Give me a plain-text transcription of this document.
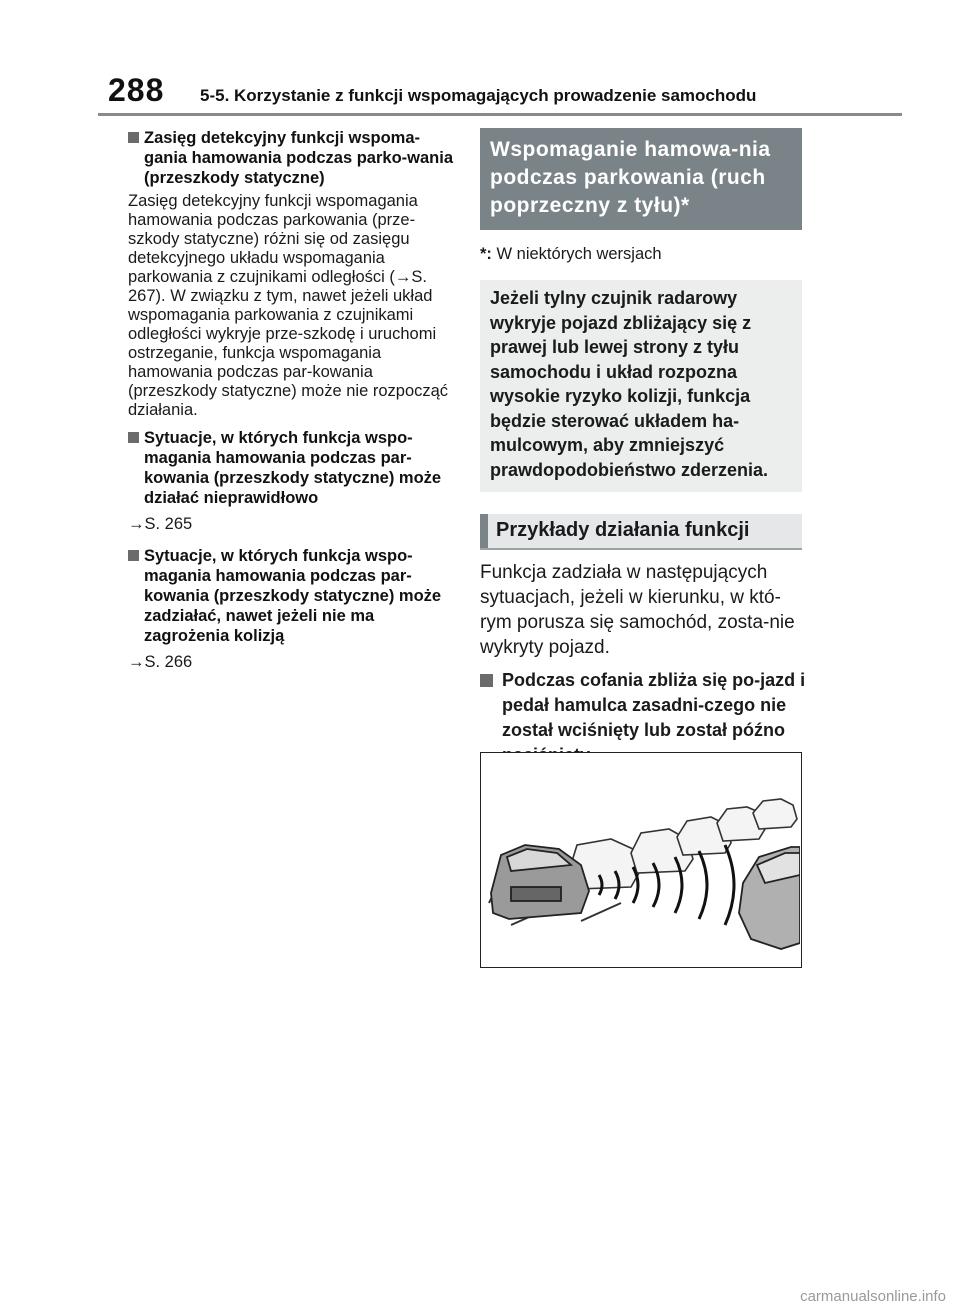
288 5-5. Korzystanie z funkcji wspomagających prowadzenie samochodu
Zasięg detekcyjny funkcji wspoma-gania hamowania podczas parko-wania (przeszkody statyczne)

Zasięg detekcyjny funkcji wspomagania hamowania podczas parkowania (prze-szkody statyczne) różni się od zasięgu detekcyjnego układu wspomagania parkowania z czujnikami odległości (→S. 267). W związku z tym, nawet jeżeli układ wspomagania parkowania z czujnikami odległości wykryje prze-szkodę i uruchomi ostrzeganie, funkcja wspomagania hamowania podczas par-kowania (przeszkody statyczne) może nie rozpocząć działania.

Sytuacje, w których funkcja wspo-magania hamowania podczas par-kowania (przeszkody statyczne) może działać nieprawidłowo

→S. 265

Sytuacje, w których funkcja wspo-magania hamowania podczas par-kowania (przeszkody statyczne) może zadziałać, nawet jeżeli nie ma zagrożenia kolizją

→S. 266

Wspomaganie hamowa-nia podczas parkowania (ruch poprzeczny z tyłu)*

*: W niektórych wersjach

Jeżeli tylny czujnik radarowy wykryje pojazd zbliżający się z prawej lub lewej strony z tyłu samochodu i układ rozpozna wysokie ryzyko kolizji, funkcja będzie sterować układem ha-mulcowym, aby zmniejszyć prawdopodobieństwo zderzenia.
Przykłady działania funkcji

Funkcja zadziała w następujących sytuacjach, jeżeli w kierunku, w któ-rym porusza się samochód, zosta-nie wykryty pojazd.

Podczas cofania zbliża się po-jazd i pedał hamulca zasadni-czego nie został wciśnięty lub został późno
carmanualsonline.info
